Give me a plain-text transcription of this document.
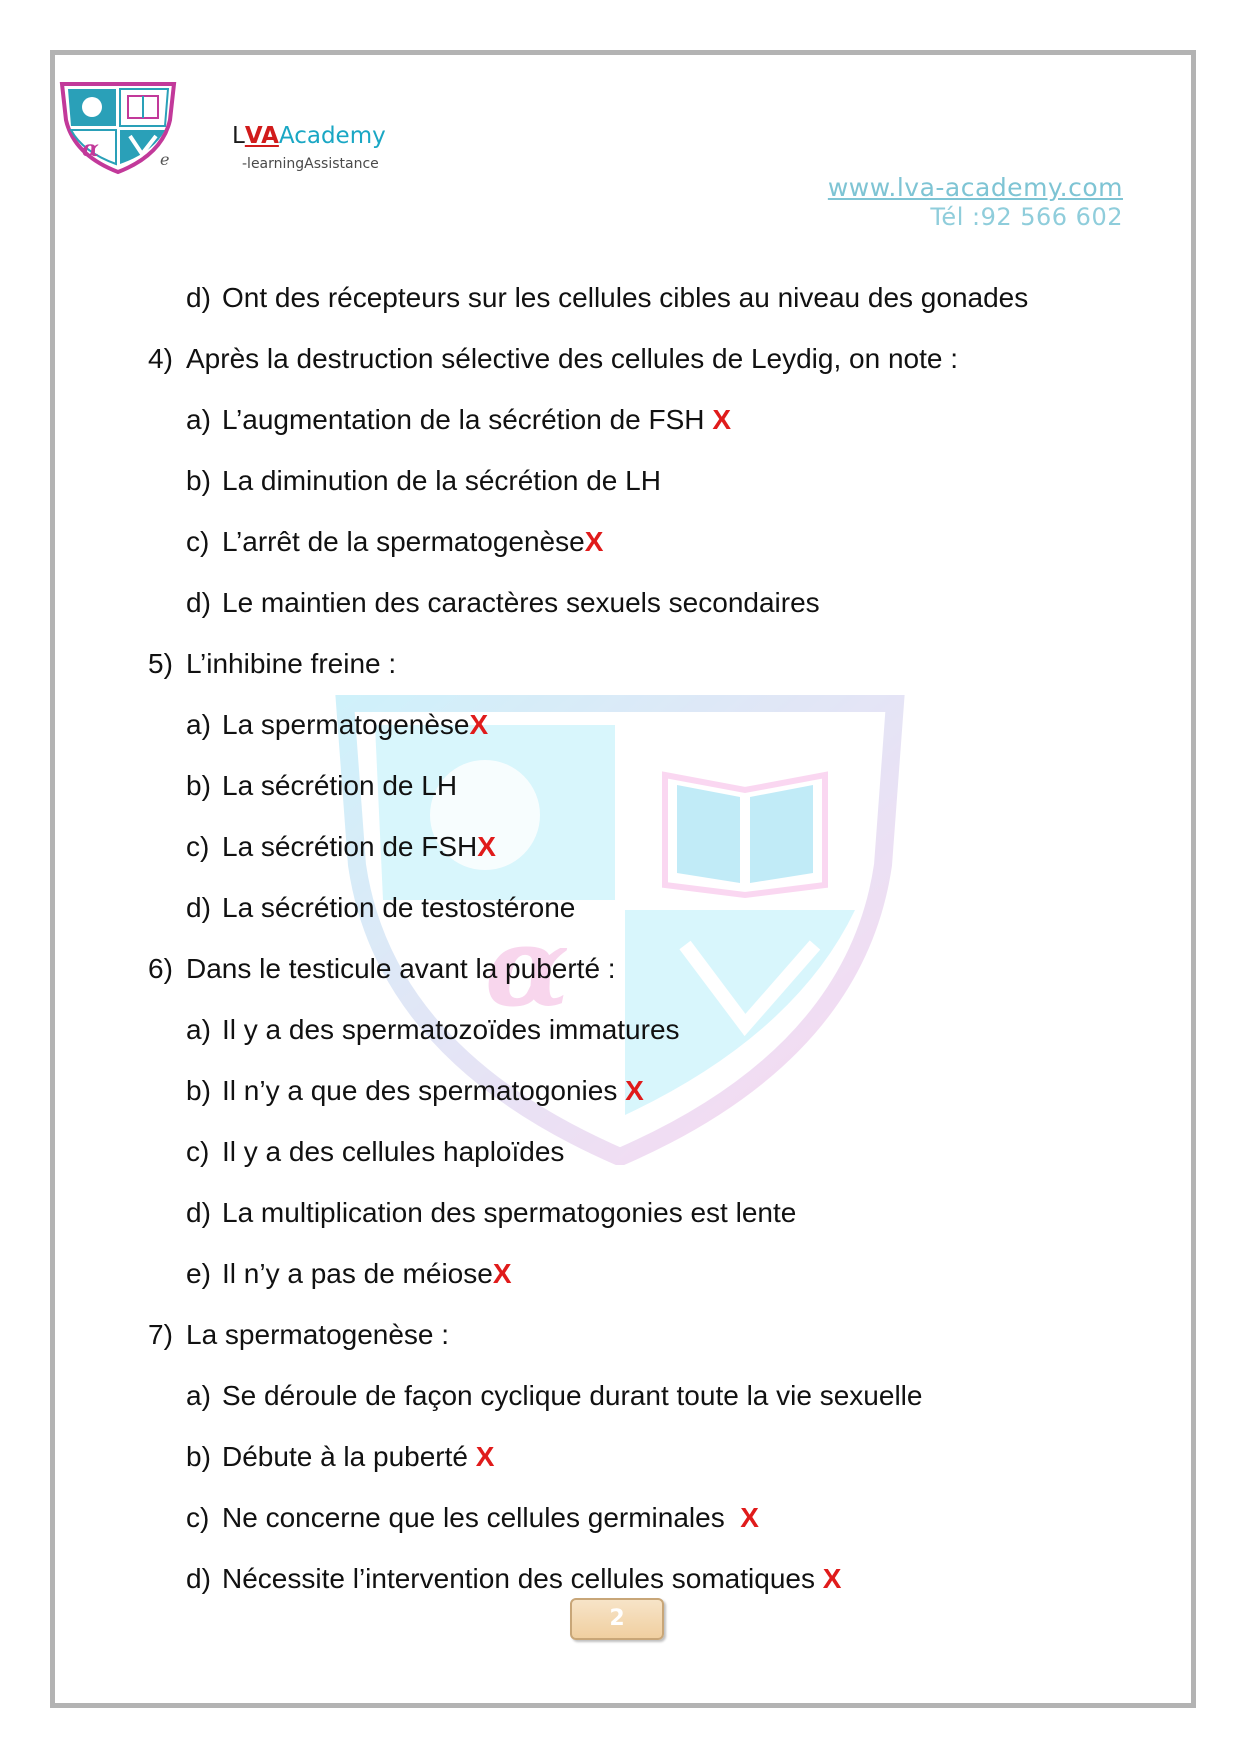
α	e
LVAAcademy
-learningAssistance
www.lva-academy.com
Tél :92 566 602
α
d) Ont des récepteurs sur les cellules cibles au niveau des gonades
4) Après la destruction sélective des cellules de Leydig, on note :
a) L’augmentation de la sécrétion de FSH X
b) La diminution de la sécrétion de LH
c) L’arrêt de la spermatogenèseX
d) Le maintien des caractères sexuels secondaires
5) L’inhibine freine :
a) La spermatogenèseX
b) La sécrétion de LH
c) La sécrétion de FSHX
d) La sécrétion de testostérone
6) Dans le testicule avant la puberté :
a) Il y a des spermatozoïdes immatures
b) Il n’y a que des spermatogonies X
c) Il y a des cellules haploïdes
d) La multiplication des spermatogonies est lente
e) Il n’y a pas de méioseX
7) La spermatogenèse :
a) Se déroule de façon cyclique durant toute la vie sexuelle
b) Débute à la puberté X
c) Ne concerne que les cellules germinales  X
d) Nécessite l’intervention des cellules somatiques X
2
